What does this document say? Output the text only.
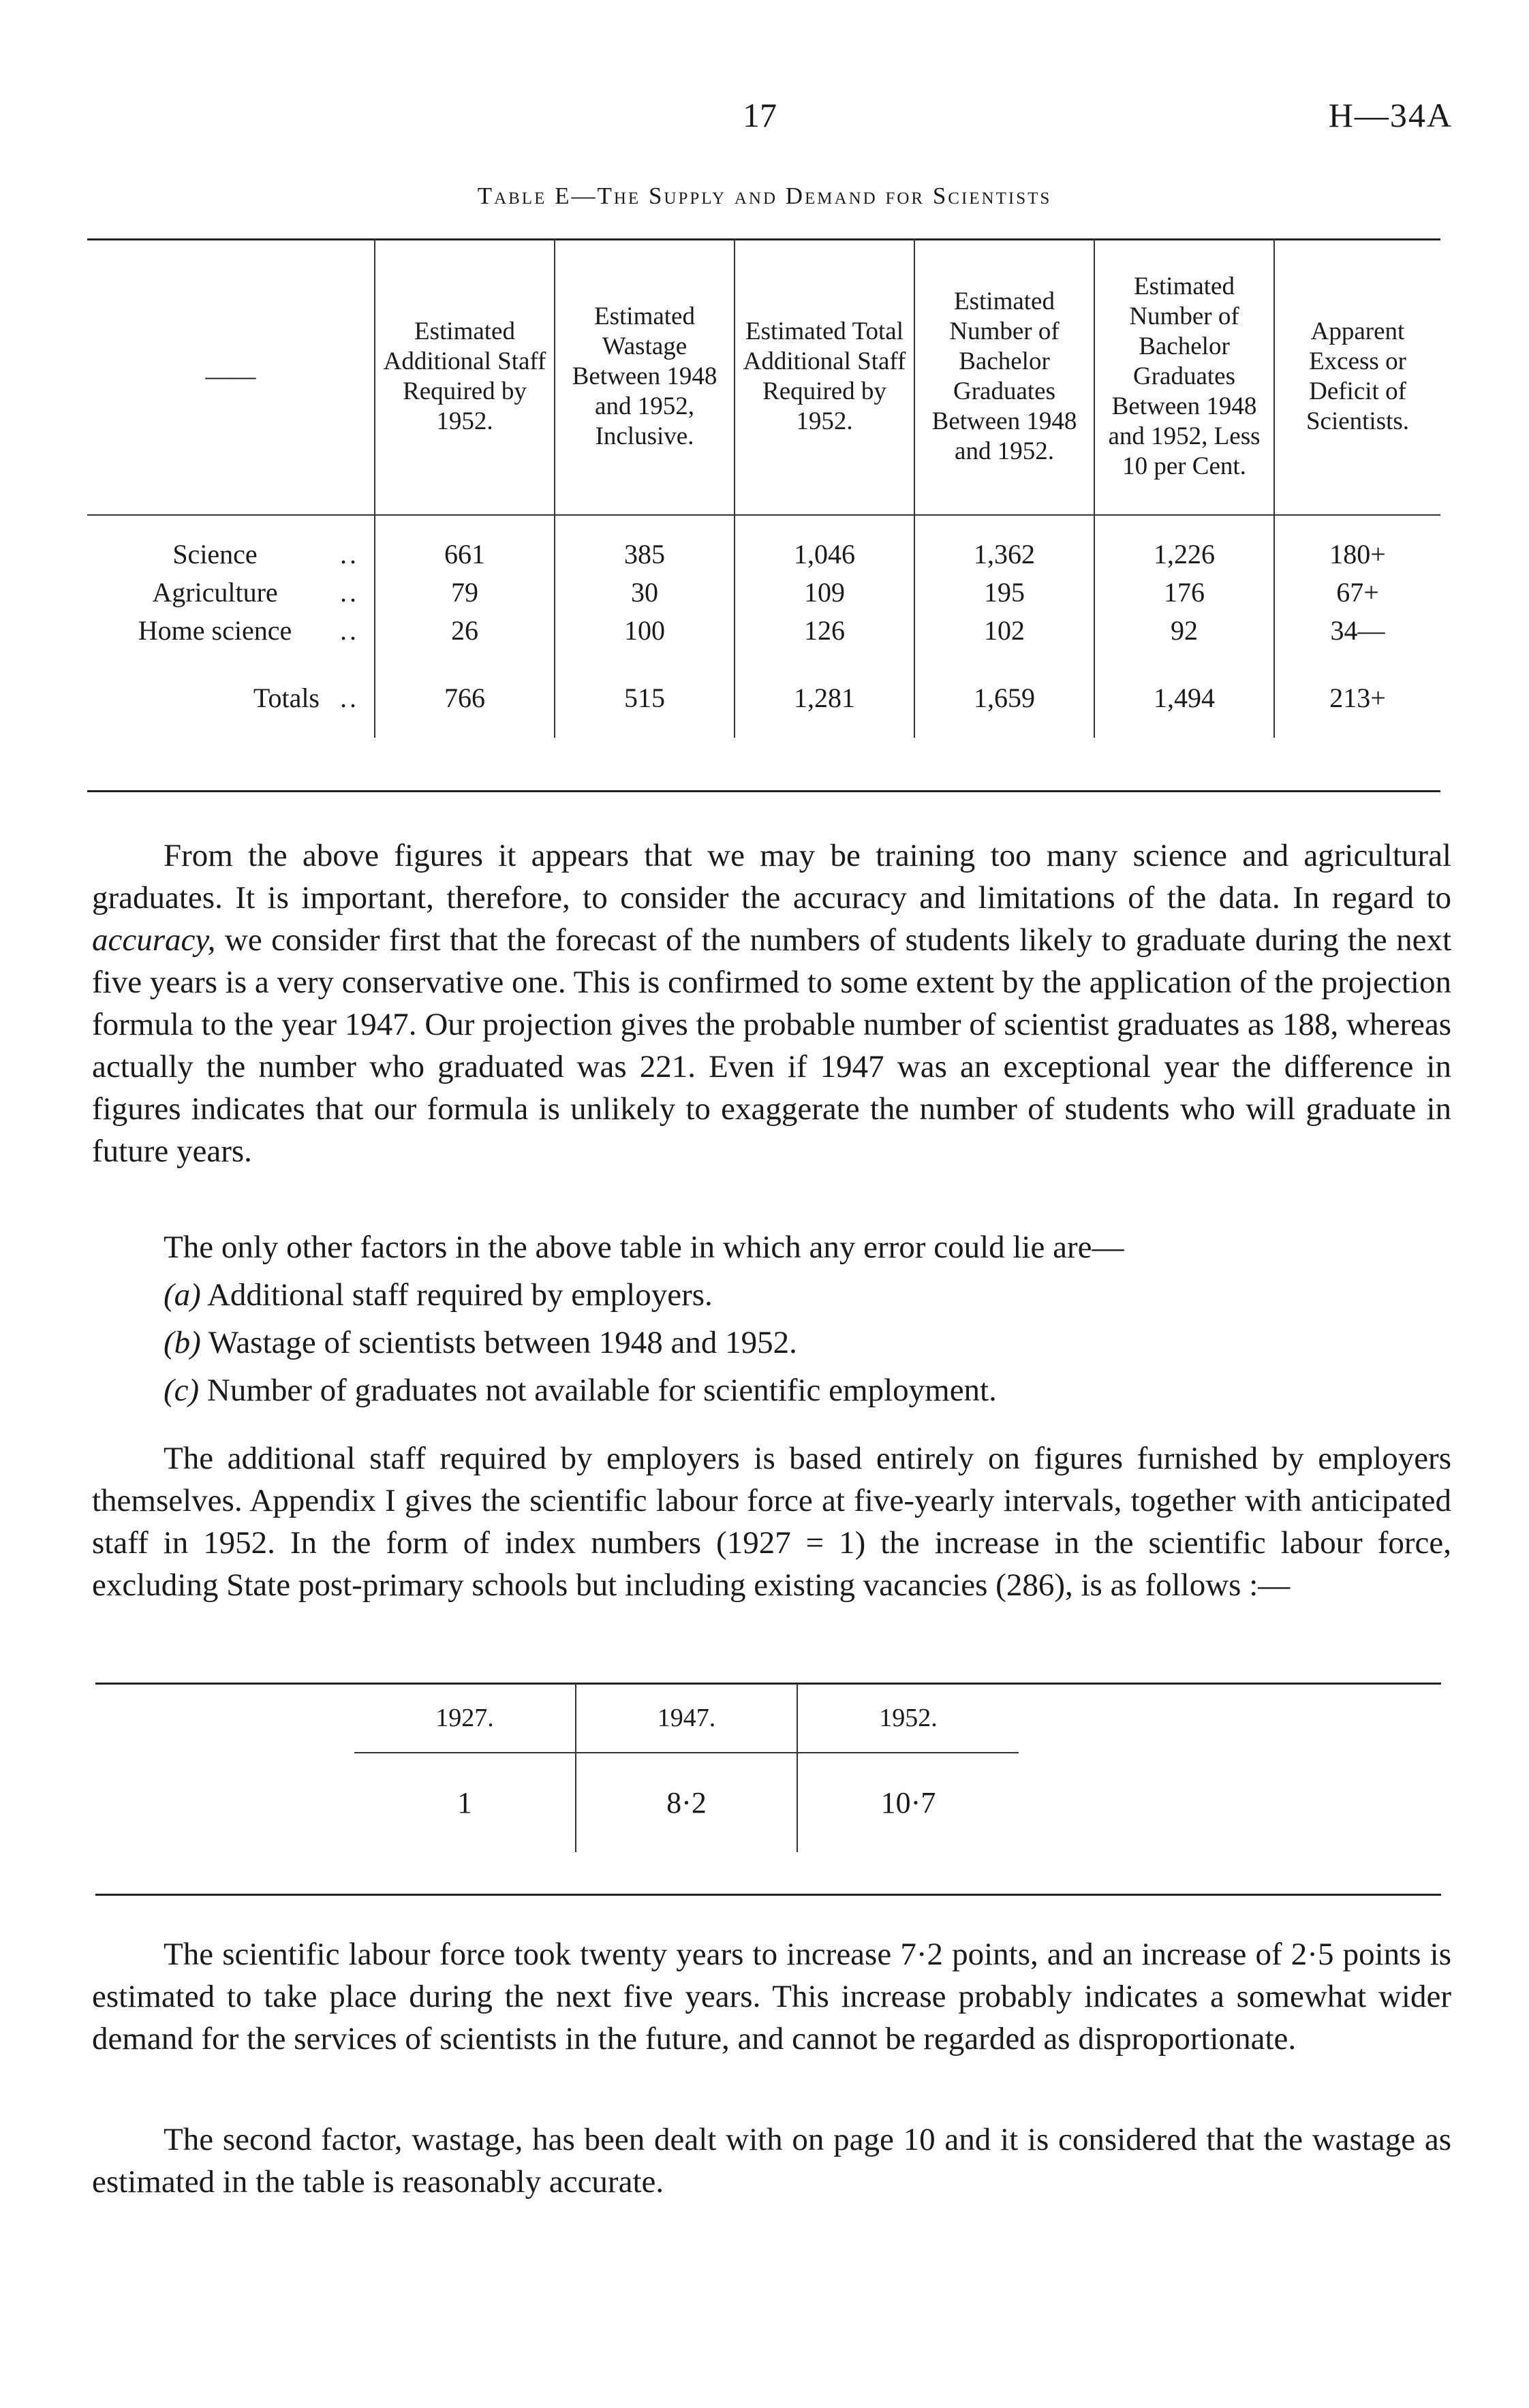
17	H—34A
Table E—The Supply and Demand for Scientists
——	Estimated Additional Staff Required by 1952.	Estimated Wastage Between 1948 and 1952, Inclusive.	Estimated Total Additional Staff Required by 1952.	Estimated Number of Bachelor Graduates Between 1948 and 1952.	Estimated Number of Bachelor Graduates Between 1948 and 1952, Less 10 per Cent.	Apparent Excess or Deficit of Scientists.

Science ..	661	385	1,046	1,362	1,226	180+
Agriculture ..	79	30	109	195	176	67+
Home science ..	26	100	126	102	92	34—

Totals ..	766	515	1,281	1,659	1,494	213+

From the above figures it appears that we may be training too many science and agricultural graduates. It is important, therefore, to consider the accuracy and limitations of the data. In regard to accuracy, we consider first that the forecast of the numbers of students likely to graduate during the next five years is a very conservative one. This is confirmed to some extent by the application of the projection formula to the year 1947. Our projection gives the probable number of scientist graduates as 188, whereas actually the number who graduated was 221. Even if 1947 was an exceptional year the difference in figures indicates that our formula is unlikely to exaggerate the number of students who will graduate in future years.

The only other factors in the above table in which any error could lie are—

(a) Additional staff required by employers.

(b) Wastage of scientists between 1948 and 1952.

(c) Number of graduates not available for scientific employment.

The additional staff required by employers is based entirely on figures furnished by employers themselves. Appendix I gives the scientific labour force at five-yearly intervals, together with anticipated staff in 1952. In the form of index numbers (1927 = 1) the increase in the scientific labour force, excluding State post-primary schools but including existing vacancies (286), is as follows :—

1927.	1947.	1952.

1	8·2	10·7

The scientific labour force took twenty years to increase 7·2 points, and an increase of 2·5 points is estimated to take place during the next five years. This increase probably indicates a somewhat wider demand for the services of scientists in the future, and cannot be regarded as disproportionate.

The second factor, wastage, has been dealt with on page 10 and it is considered that the wastage as estimated in the table is reasonably accurate.
